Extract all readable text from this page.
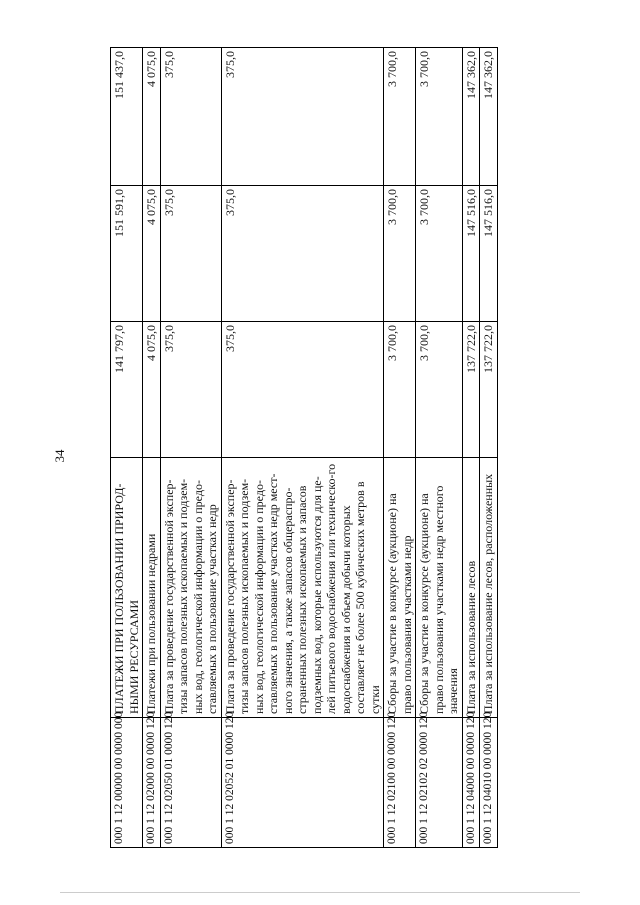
34
000 1 12 00000 00 0000 000	ПЛАТЕЖИ ПРИ ПОЛЬЗОВАНИИ ПРИРОД-НЫМИ РЕСУРСАМИ	141 797,0	151 591,0	151 437,0
000 1 12 02000 00 0000 120	Платежи при пользовании недрами	4 075,0	4 075,0	4 075,0
000 1 12 02050 01 0000 120	Плата за проведение государственной экспер-тизы запасов полезных ископаемых и подзем-ных вод, геологической информации о предо-ставляемых в пользование участках недр	375,0	375,0	375,0
000 1 12 02052 01 0000 120	Плата за проведение государственной экспер-тизы запасов полезных ископаемых и подзем-ных вод, геологической информации о предо-ставляемых в пользование участках недр мест-ного значения, а также запасов общераспро-страненных полезных ископаемых и запасов подземных вод, которые используются для це-лей питьевого водоснабжения или техническо-го водоснабжения и объем добычи которых составляет не более 500 кубических метров в сутки	375,0	375,0	375,0
000 1 12 02100 00 0000 120	Сборы за участие в конкурсе (аукционе) на право пользования участками недр	3 700,0	3 700,0	3 700,0
000 1 12 02102 02 0000 120	Сборы за участие в конкурсе (аукционе) на право пользования участками недр местного значения	3 700,0	3 700,0	3 700,0
000 1 12 04000 00 0000 120	Плата за использование лесов	137 722,0	147 516,0	147 362,0
000 1 12 04010 00 0000 120	Плата за использование лесов, расположенных	137 722,0	147 516,0	147 362,0
